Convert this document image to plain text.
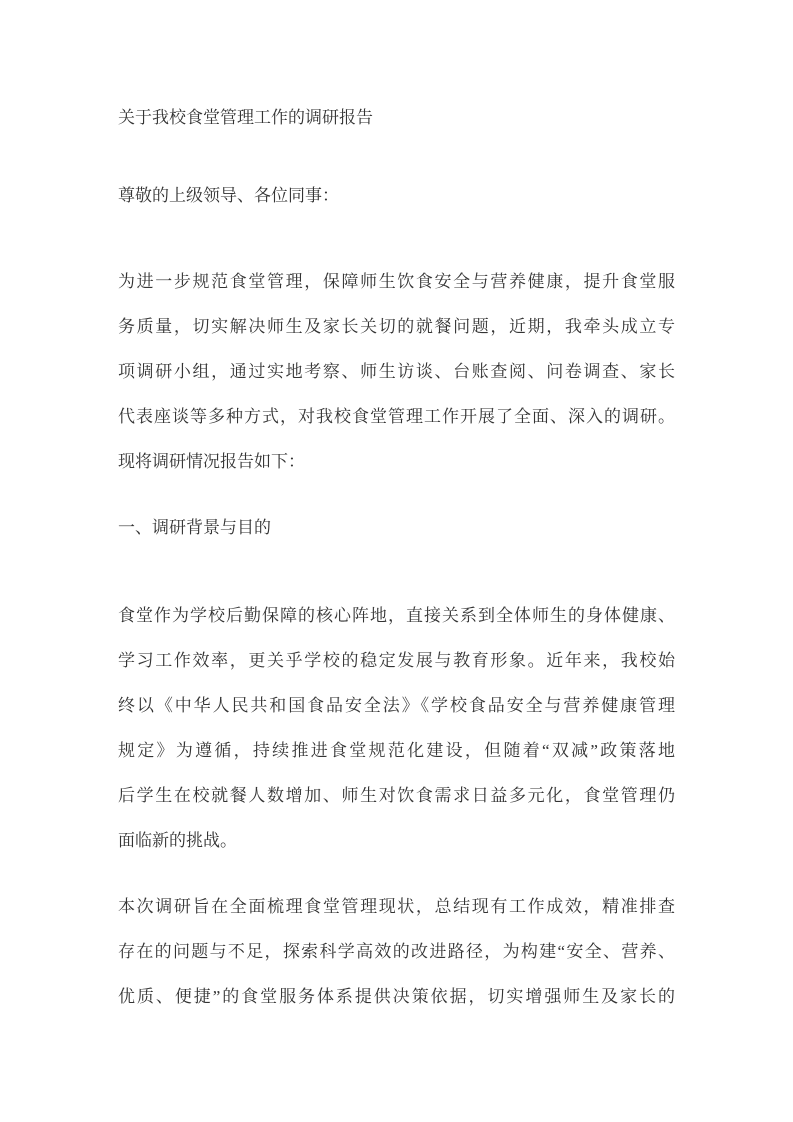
关于我校食堂管理工作的调研报告
尊敬的上级领导、各位同事：
为进一步规范食堂管理，保障师生饮食安全与营养健康，提升食堂服
务质量，切实解决师生及家长关切的就餐问题，近期，我牵头成立专
项调研小组，通过实地考察、师生访谈、台账查阅、问卷调查、家长
代表座谈等多种方式，对我校食堂管理工作开展了全面、深入的调研。
现将调研情况报告如下：
一、调研背景与目的
食堂作为学校后勤保障的核心阵地，直接关系到全体师生的身体健康、
学习工作效率，更关乎学校的稳定发展与教育形象。近年来，我校始
终以《中华人民共和国食品安全法》《学校食品安全与营养健康管理
规定》为遵循，持续推进食堂规范化建设，但随着“双减”政策落地
后学生在校就餐人数增加、师生对饮食需求日益多元化，食堂管理仍
面临新的挑战。
本次调研旨在全面梳理食堂管理现状，总结现有工作成效，精准排查
存在的问题与不足，探索科学高效的改进路径，为构建“安全、营养、
优质、便捷”的食堂服务体系提供决策依据，切实增强师生及家长的
